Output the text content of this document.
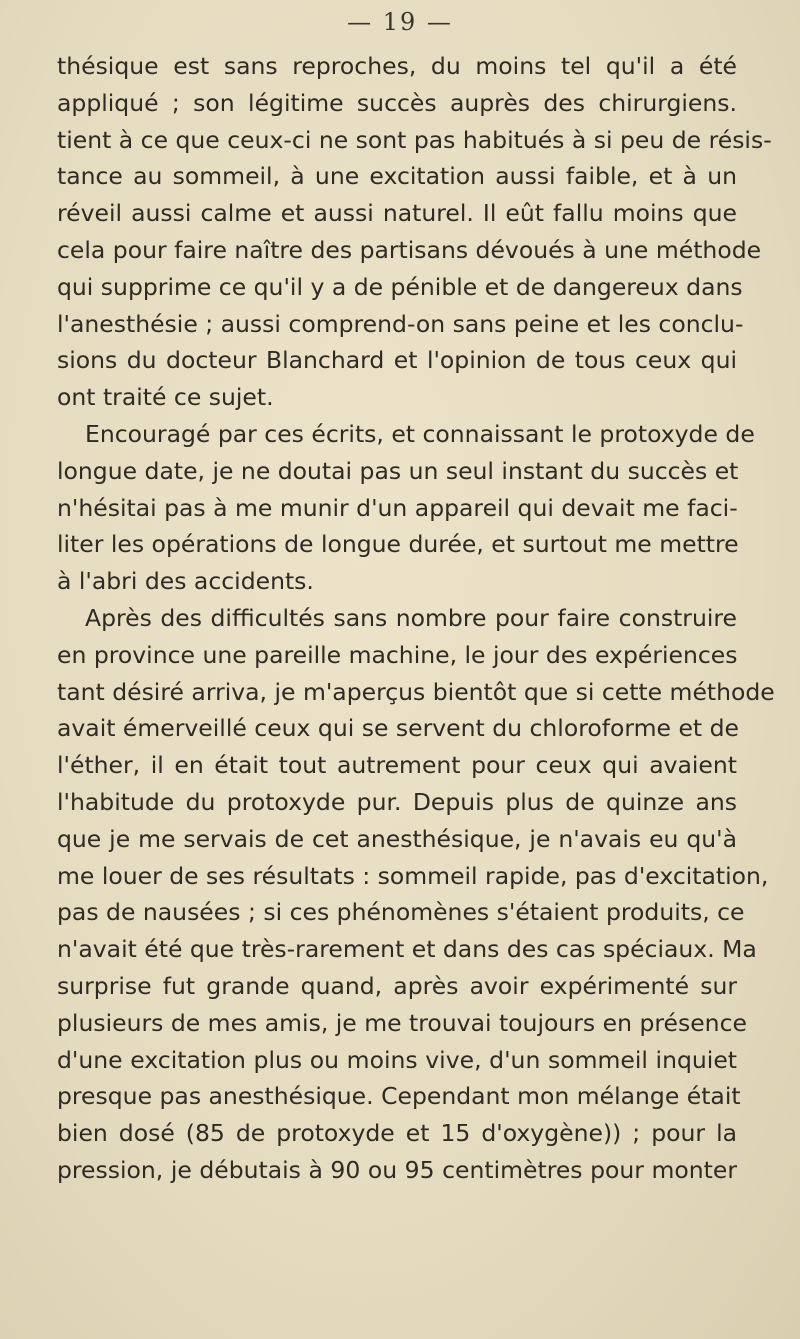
— 19 —
thésique est sans reproches, du moins tel qu'il a été
appliqué ; son légitime succès auprès des chirurgiens.
tient à ce que ceux-ci ne sont pas habitués à si peu de résis-
tance au sommeil, à une excitation aussi faible, et à un
réveil aussi calme et aussi naturel. Il eût fallu moins que
cela pour faire naître des partisans dévoués à une méthode
qui supprime ce qu'il y a de pénible et de dangereux dans
l'anesthésie ; aussi comprend-on sans peine et les conclu-
sions du docteur Blanchard et l'opinion de tous ceux qui
ont traité ce sujet.
Encouragé par ces écrits, et connaissant le protoxyde de
longue date, je ne doutai pas un seul instant du succès et
n'hésitai pas à me munir d'un appareil qui devait me faci-
liter les opérations de longue durée, et surtout me mettre
à l'abri des accidents.
Après des difficultés sans nombre pour faire construire
en province une pareille machine, le jour des expériences
tant désiré arriva, je m'aperçus bientôt que si cette méthode
avait émerveillé ceux qui se servent du chloroforme et de
l'éther, il en était tout autrement pour ceux qui avaient
l'habitude du protoxyde pur. Depuis plus de quinze ans
que je me servais de cet anesthésique, je n'avais eu qu'à
me louer de ses résultats : sommeil rapide, pas d'excitation,
pas de nausées ; si ces phénomènes s'étaient produits, ce
n'avait été que très-rarement et dans des cas spéciaux. Ma
surprise fut grande quand, après avoir expérimenté sur
plusieurs de mes amis, je me trouvai toujours en présence
d'une excitation plus ou moins vive, d'un sommeil inquiet
presque pas anesthésique. Cependant mon mélange était
bien dosé (85 de protoxyde et 15 d'oxygène)) ; pour la
pression, je débutais à 90 ou 95 centimètres pour monter
